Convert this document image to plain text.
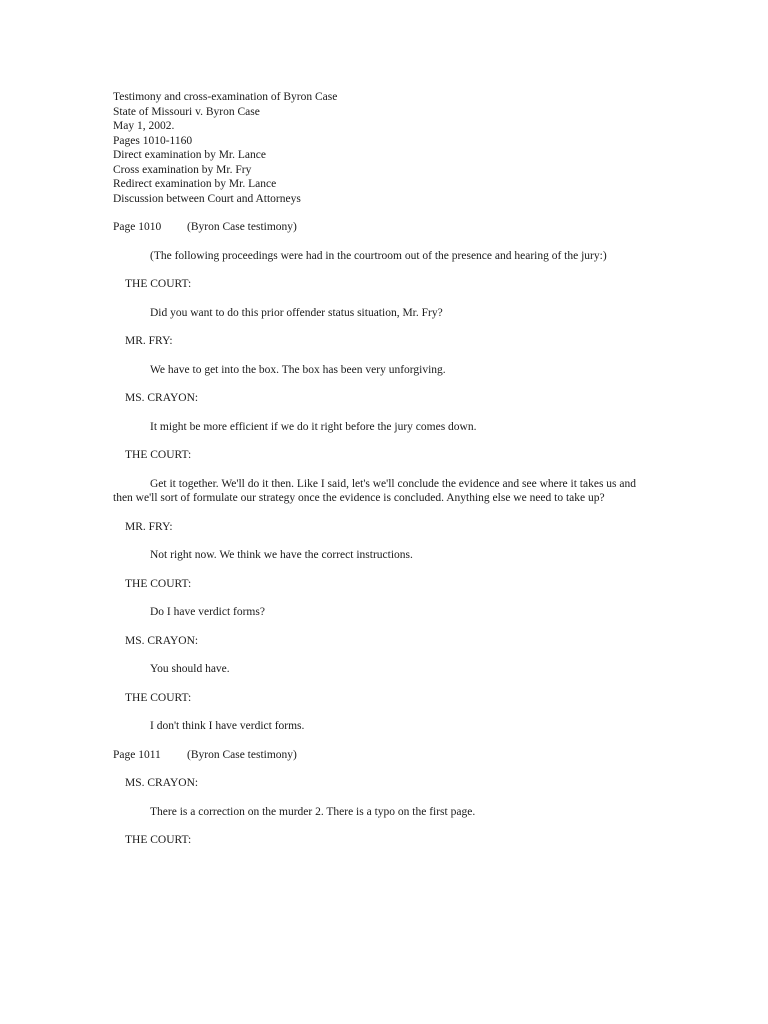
Testimony and cross-examination of Byron Case
State of Missouri v. Byron Case
May 1, 2002.
Pages 1010-1160
Direct examination by Mr. Lance
Cross examination by Mr. Fry
Redirect examination by Mr. Lance
Discussion between Court and Attorneys
Page 1010 (Byron Case testimony)
(The following proceedings were had in the courtroom out of the presence and hearing of the jury:)
THE COURT:
Did you want to do this prior offender status situation, Mr. Fry?
MR. FRY:
We have to get into the box. The box has been very unforgiving.
MS. CRAYON:
It might be more efficient if we do it right before the jury comes down.
THE COURT:
Get it together. We'll do it then. Like I said, let's we'll conclude the evidence and see where it takes us and then we'll sort of formulate our strategy once the evidence is concluded. Anything else we need to take up?
MR. FRY:
Not right now. We think we have the correct instructions.
THE COURT:
Do I have verdict forms?
MS. CRAYON:
You should have.
THE COURT:
I don't think I have verdict forms.
Page 1011 (Byron Case testimony)
MS. CRAYON:
There is a correction on the murder 2. There is a typo on the first page.
THE COURT:
